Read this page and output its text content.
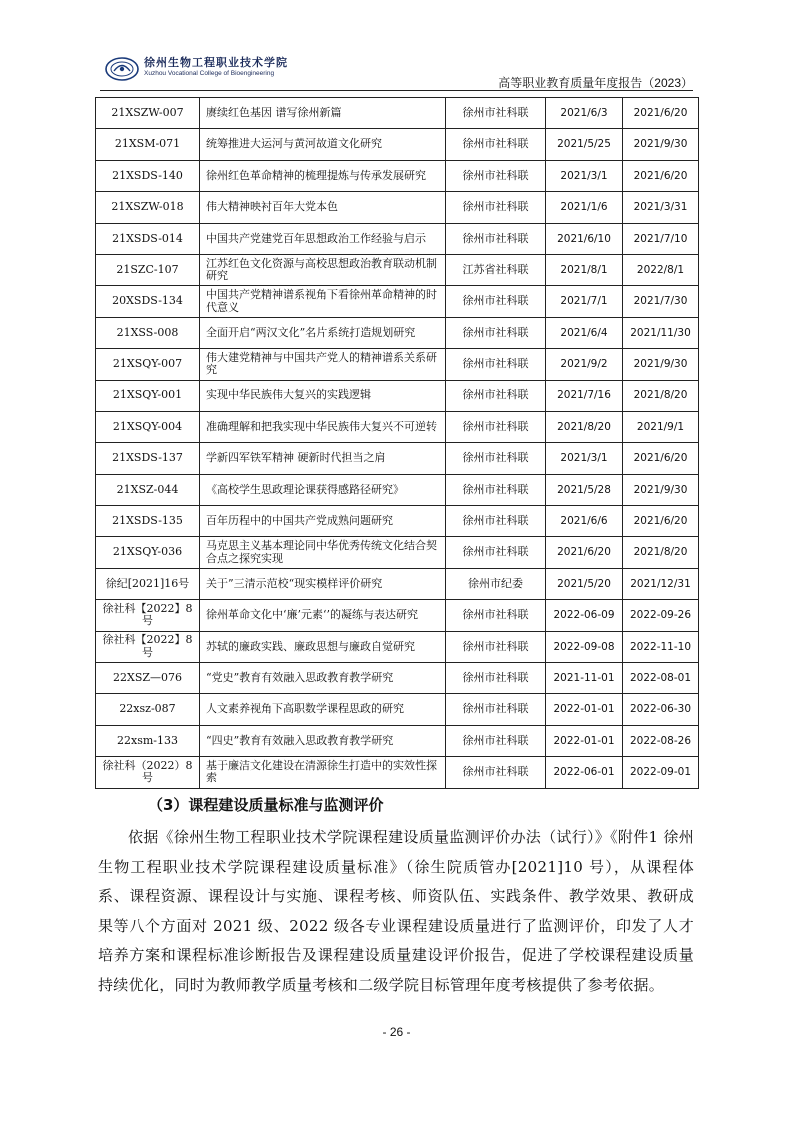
徐州生物工程职业技术学院
Xuzhou Vocational College of Bioengineering
高等职业教育质量年度报告（2023）
21XSZW-007	赓续红色基因 谱写徐州新篇	徐州市社科联	2021/6/3	2021/6/20
21XSM-071	统筹推进大运河与黄河故道文化研究	徐州市社科联	2021/5/25	2021/9/30
21XSDS-140	徐州红色革命精神的梳理提炼与传承发展研究	徐州市社科联	2021/3/1	2021/6/20
21XSZW-018	伟大精神映衬百年大党本色	徐州市社科联	2021/1/6	2021/3/31
21XSDS-014	中国共产党建党百年思想政治工作经验与启示	徐州市社科联	2021/6/10	2021/7/10
21SZC-107	江苏红色文化资源与高校思想政治教育联动机制研究	江苏省社科联	2021/8/1	2022/8/1
20XSDS-134	中国共产党精神谱系视角下看徐州革命精神的时代意义	徐州市社科联	2021/7/1	2021/7/30
21XSS-008	全面开启“两汉文化”名片系统打造规划研究	徐州市社科联	2021/6/4	2021/11/30
21XSQY-007	伟大建党精神与中国共产党人的精神谱系关系研究	徐州市社科联	2021/9/2	2021/9/30
21XSQY-001	实现中华民族伟大复兴的实践逻辑	徐州市社科联	2021/7/16	2021/8/20
21XSQY-004	准确理解和把我实现中华民族伟大复兴不可逆转	徐州市社科联	2021/8/20	2021/9/1
21XSDS-137	学新四军铁军精神 硬新时代担当之肩	徐州市社科联	2021/3/1	2021/6/20
21XSZ-044	《高校学生思政理论课获得感路径研究》	徐州市社科联	2021/5/28	2021/9/30
21XSDS-135	百年历程中的中国共产党成熟问题研究	徐州市社科联	2021/6/6	2021/6/20
21XSQY-036	马克思主义基本理论同中华优秀传统文化结合契合点之探究实现	徐州市社科联	2021/6/20	2021/8/20
徐纪[2021]16号	关于”三清示范校“现实模样评价研究	徐州市纪委	2021/5/20	2021/12/31
徐社科【2022】8号	徐州革命文化中‘廉’元素‘’的凝练与表达研究	徐州市社科联	2022-06-09	2022-09-26
徐社科【2022】8号	苏轼的廉政实践、廉政思想与廉政自觉研究	徐州市社科联	2022-09-08	2022-11-10
22XSZ—076	“党史”教育有效融入思政教育教学研究	徐州市社科联	2021-11-01	2022-08-01
22xsz-087	人文素养视角下高职数学课程思政的研究	徐州市社科联	2022-01-01	2022-06-30
22xsm-133	“四史”教育有效融入思政教育教学研究	徐州市社科联	2022-01-01	2022-08-26
徐社科（2022）8号	基于廉洁文化建设在清源徐生打造中的实效性探索	徐州市社科联	2022-06-01	2022-09-01
（3）课程建设质量标准与监测评价
依据《徐州生物工程职业技术学院课程建设质量监测评价办法（试行）》《附件1 徐州生物工程职业技术学院课程建设质量标准》（徐生院质管办[2021]10 号），从课程体系、课程资源、课程设计与实施、课程考核、师资队伍、实践条件、教学效果、教研成果等八个方面对 2021 级、2022 级各专业课程建设质量进行了监测评价，印发了人才培养方案和课程标准诊断报告及课程建设质量建设评价报告，促进了学校课程建设质量持续优化，同时为教师教学质量考核和二级学院目标管理年度考核提供了参考依据。
- 26 -
